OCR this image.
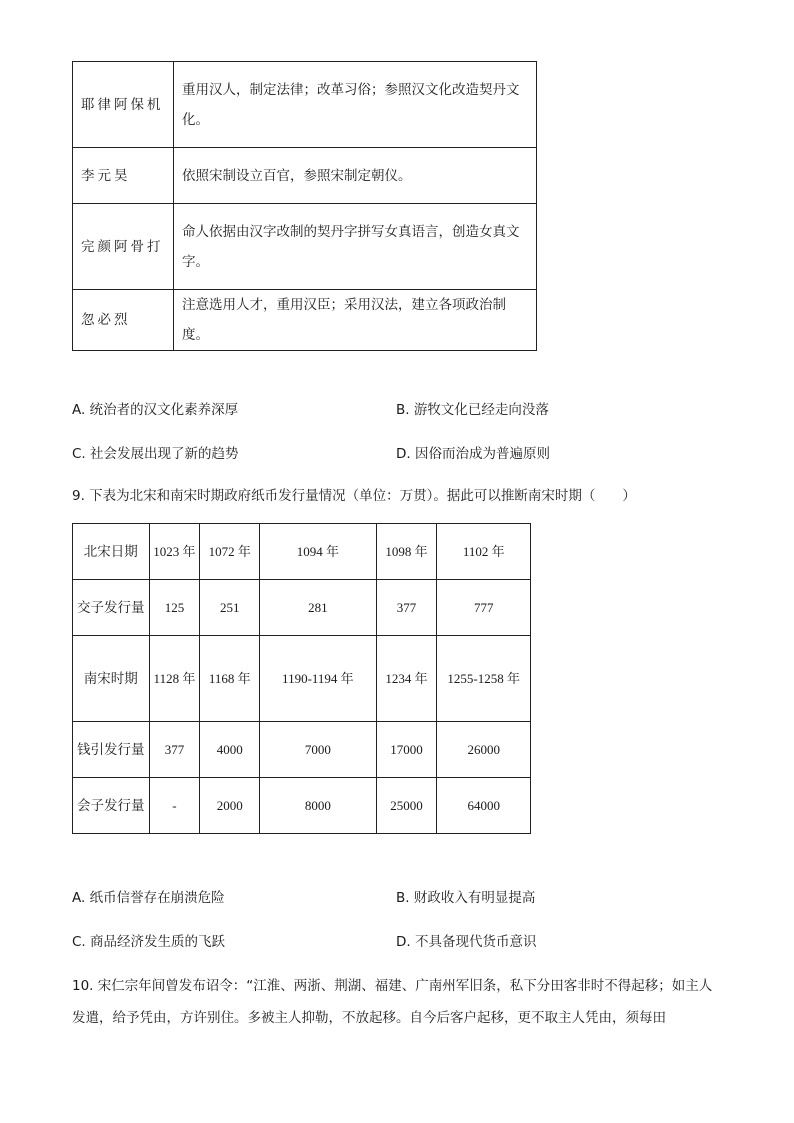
耶律阿保机	重用汉人，制定法律；改革习俗；参照汉文化改造契丹文化。
李元昊	依照宋制设立百官，参照宋制定朝仪。
完颜阿骨打	命人依据由汉字改制的契丹字拼写女真语言，创造女真文字。
忽必烈	注意选用人才，重用汉臣；采用汉法，建立各项政治制度。
A. 统治者的汉文化素养深厚	B. 游牧文化已经走向没落
C. 社会发展出现了新的趋势	D. 因俗而治成为普遍原则
9. 下表为北宋和南宋时期政府纸币发行量情况（单位：万贯）。据此可以推断南宋时期（　　）
北宋日期	1023 年	1072 年	1094 年	1098 年	1102 年
交子发行量	125	251	281	377	777
南宋时期	1128 年	1168 年	1190-1194 年	1234 年	1255-1258 年
钱引发行量	377	4000	7000	17000	26000
会子发行量	-	2000	8000	25000	64000
A. 纸币信誉存在崩溃危险	B. 财政收入有明显提高
C. 商品经济发生质的飞跃	D. 不具备现代货币意识
10. 宋仁宗年间曾发布诏令：“江淮、两浙、荆湖、福建、广南州军旧条，私下分田客非时不得起移；如主人发遣，给予凭由，方许别住。多被主人抑勒，不放起移。自今后客户起移，更不取主人凭由，须每田
